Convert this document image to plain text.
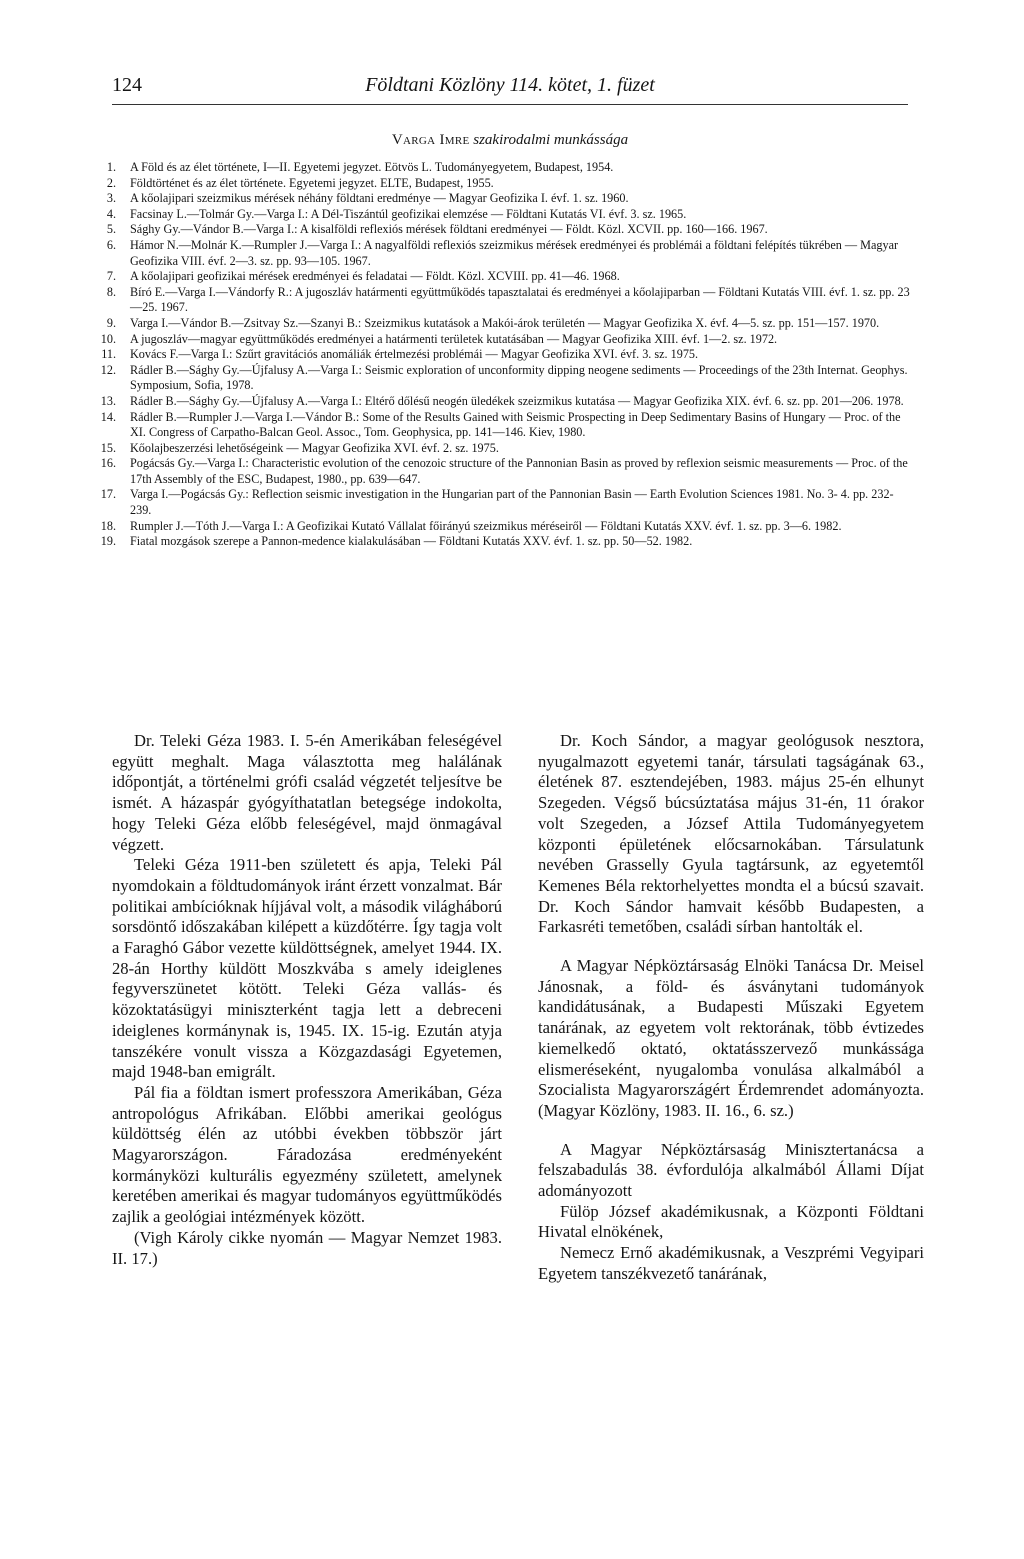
124	Földtani Közlöny 114. kötet, 1. füzet
Varga Imre szakirodalmi munkássága
1.	A Föld és az élet története, I—II. Egyetemi jegyzet. Eötvös L. Tudományegyetem, Budapest, 1954.
2.	Földtörténet és az élet története. Egyetemi jegyzet. ELTE, Budapest, 1955.
3.	A kőolajipari szeizmikus mérések néhány földtani eredménye — Magyar Geofizika I. évf. 1. sz. 1960.
4.	Facsinay L.—Tolmár Gy.—Varga I.: A Dél-Tiszántúl geofizikai elemzése — Földtani Kutatás VI. évf. 3. sz. 1965.
5.	Sághy Gy.—Vándor B.—Varga I.: A kisalföldi reflexiós mérések földtani eredményei — Földt. Közl. XCVII. pp. 160—166. 1967.
6.	Hámor N.—Molnár K.—Rumpler J.—Varga I.: A nagyalföldi reflexiós szeizmikus mérések eredményei és problémái a földtani felépítés tükrében — Magyar Geofizika VIII. évf. 2—3. sz. pp. 93—105. 1967.
7.	A kőolajipari geofizikai mérések eredményei és feladatai — Földt. Közl. XCVIII. pp. 41—46. 1968.
8.	Bíró E.—Varga I.—Vándorfy R.: A jugoszláv határmenti együttműködés tapasztalatai és eredményei a kőolajiparban — Földtani Kutatás VIII. évf. 1. sz. pp. 23—25. 1967.
9.	Varga I.—Vándor B.—Zsitvay Sz.—Szanyi B.: Szeizmikus kutatások a Makói-árok területén — Magyar Geofizika X. évf. 4—5. sz. pp. 151—157. 1970.
10.	A jugoszláv—magyar együttműködés eredményei a határmenti területek kutatásában — Magyar Geofizika XIII. évf. 1—2. sz. 1972.
11.	Kovács F.—Varga I.: Szűrt gravitációs anomáliák értelmezési problémái — Magyar Geofizika XVI. évf. 3. sz. 1975.
12.	Rádler B.—Sághy Gy.—Újfalusy A.—Varga I.: Seismic exploration of unconformity dipping neogene sediments — Proceedings of the 23th Internat. Geophys. Symposium, Sofia, 1978.
13.	Rádler B.—Sághy Gy.—Újfalusy A.—Varga I.: Eltérő dőlésű neogén üledékek szeizmikus kutatása — Magyar Geofizika XIX. évf. 6. sz. pp. 201—206. 1978.
14.	Rádler B.—Rumpler J.—Varga I.—Vándor B.: Some of the Results Gained with Seismic Prospecting in Deep Sedimentary Basins of Hungary — Proc. of the XI. Congress of Carpatho-Balcan Geol. Assoc., Tom. Geophysica, pp. 141—146. Kiev, 1980.
15.	Kőolajbeszerzési lehetőségeink — Magyar Geofizika XVI. évf. 2. sz. 1975.
16.	Pogácsás Gy.—Varga I.: Characteristic evolution of the cenozoic structure of the Pannonian Basin as proved by reflexion seismic measurements — Proc. of the 17th Assembly of the ESC, Budapest, 1980., pp. 639—647.
17.	Varga I.—Pogácsás Gy.: Reflection seismic investigation in the Hungarian part of the Pannonian Basin — Earth Evolution Sciences 1981. No. 3- 4. pp. 232- 239.
18.	Rumpler J.—Tóth J.—Varga I.: A Geofizikai Kutató Vállalat főirányú szeizmikus méréseiről — Földtani Kutatás XXV. évf. 1. sz. pp. 3—6. 1982.
19.	Fiatal mozgások szerepe a Pannon-medence kialakulásában — Földtani Kutatás XXV. évf. 1. sz. pp. 50—52. 1982.

Dr. Teleki Géza 1983. I. 5-én Amerikában feleségével együtt meghalt. Maga választotta meg halálának időpontját, a történelmi grófi család végzetét teljesítve be ismét. A házaspár gyógyíthatatlan betegsége indokolta, hogy Teleki Géza előbb feleségével, majd önmagával végzett.

Teleki Géza 1911-ben született és apja, Teleki Pál nyomdokain a földtudományok iránt érzett vonzalmat. Bár politikai ambícióknak híjjával volt, a második világháború sorsdöntő időszakában kilépett a küzdőtérre. Így tagja volt a Faraghó Gábor vezette küldöttségnek, amelyet 1944. IX. 28-án Horthy küldött Moszkvába s amely ideiglenes fegyverszünetet kötött. Teleki Géza vallás- és közoktatásügyi miniszterként tagja lett a debreceni ideiglenes kormánynak is, 1945. IX. 15-ig. Ezután atyja tanszékére vonult vissza a Közgazdasági Egyetemen, majd 1948-ban emigrált.

Pál fia a földtan ismert professzora Amerikában, Géza antropológus Afrikában. Előbbi amerikai geológus küldöttség élén az utóbbi években többször járt Magyarországon. Fáradozása eredményeként kormányközi kulturális egyezmény született, amelynek keretében amerikai és magyar tudományos együttműködés zajlik a geológiai intézmények között.

(Vigh Károly cikke nyomán — Magyar Nemzet 1983. II. 17.)

Dr. Koch Sándor, a magyar geológusok nesztora, nyugalmazott egyetemi tanár, társulati tagságának 63., életének 87. esztendejében, 1983. május 25-én elhunyt Szegeden. Végső búcsúztatása május 31-én, 11 órakor volt Szegeden, a József Attila Tudományegyetem központi épületének előcsarnokában. Társulatunk nevében Grasselly Gyula tagtársunk, az egyetemtől Kemenes Béla rektorhelyettes mondta el a búcsú szavait. Dr. Koch Sándor hamvait később Budapesten, a Farkasréti temetőben, családi sírban hantolták el.

A Magyar Népköztársaság Elnöki Tanácsa Dr. Meisel Jánosnak, a föld- és ásványtani tudományok kandidátusának, a Budapesti Műszaki Egyetem tanárának, az egyetem volt rektorának, több évtizedes kiemelkedő oktató, oktatásszervező munkássága elismeréseként, nyugalomba vonulása alkalmából a Szocialista Magyarországért Érdemrendet adományozta. (Magyar Közlöny, 1983. II. 16., 6. sz.)

A Magyar Népköztársaság Minisztertanácsa a felszabadulás 38. évfordulója alkalmából Állami Díjat adományozott

Fülöp József akadémikusnak, a Központi Földtani Hivatal elnökének,

Nemecz Ernő akadémikusnak, a Veszprémi Vegyipari Egyetem tanszékvezető tanárának,
